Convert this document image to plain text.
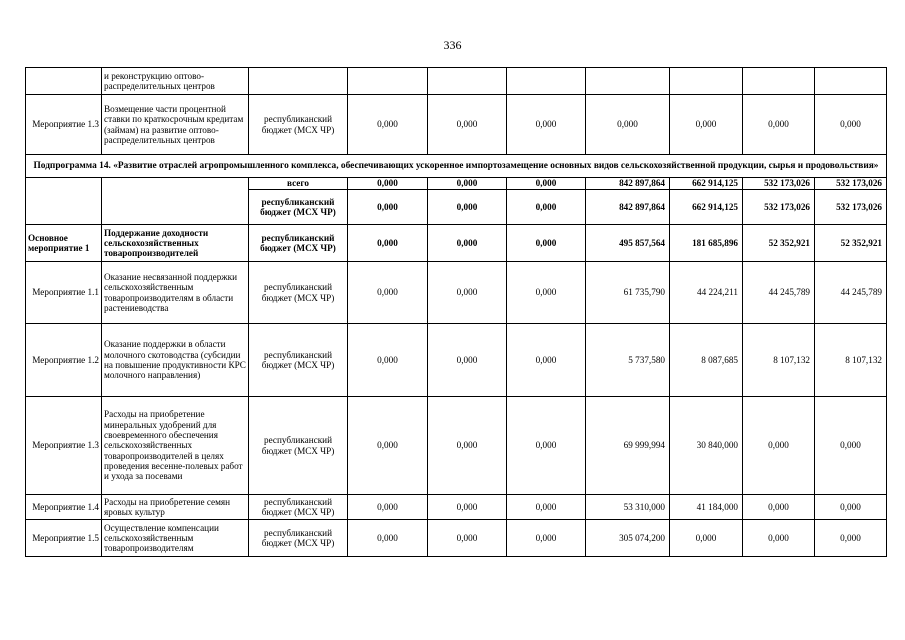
336
	и реконструкцию оптово-распределительных центров								
Мероприятие 1.3	Возмещение части процентной ставки по краткосрочным кредитам (займам) на развитие оптово-распределительных центров	республиканский бюджет (МСХ ЧР)	0,000	0,000	0,000	0,000	0,000	0,000	0,000
Подпрограмма 14. «Развитие отраслей агропромышленного комплекса, обеспечивающих ускоренное импортозамещение основных видов сельскохозяйственной продукции, сырья и продовольствия»									
		всего	0,000	0,000	0,000	842 897,864	662 914,125	532 173,026	532 173,026
		республиканский бюджет (МСХ ЧР)	0,000	0,000	0,000	842 897,864	662 914,125	532 173,026	532 173,026
Основное мероприятие 1	Поддержание доходности сельскохозяйственных товаропроизводителей	республиканский бюджет (МСХ ЧР)	0,000	0,000	0,000	495 857,564	181 685,896	52 352,921	52 352,921
Мероприятие 1.1	Оказание несвязанной поддержки сельскохозяйственным товаропроизводителям в области растениеводства	республиканский бюджет (МСХ ЧР)	0,000	0,000	0,000	61 735,790	44 224,211	44 245,789	44 245,789
Мероприятие 1.2	Оказание поддержки в области молочного скотоводства (субсидии на повышение продуктивности КРС молочного направления)	республиканский бюджет (МСХ ЧР)	0,000	0,000	0,000	5 737,580	8 087,685	8 107,132	8 107,132
Мероприятие 1.3	Расходы на приобретение минеральных удобрений для своевременного обеспечения сельскохозяйственных товаропроизводителей в целях проведения весенне-полевых работ и ухода за посевами	республиканский бюджет (МСХ ЧР)	0,000	0,000	0,000	69 999,994	30 840,000	0,000	0,000
Мероприятие 1.4	Расходы на приобретение семян яровых культур	республиканский бюджет (МСХ ЧР)	0,000	0,000	0,000	53 310,000	41 184,000	0,000	0,000
Мероприятие 1.5	Осуществление компенсации сельскохозяйственным товаропроизводителям	республиканский бюджет (МСХ ЧР)	0,000	0,000	0,000	305 074,200	0,000	0,000	0,000
